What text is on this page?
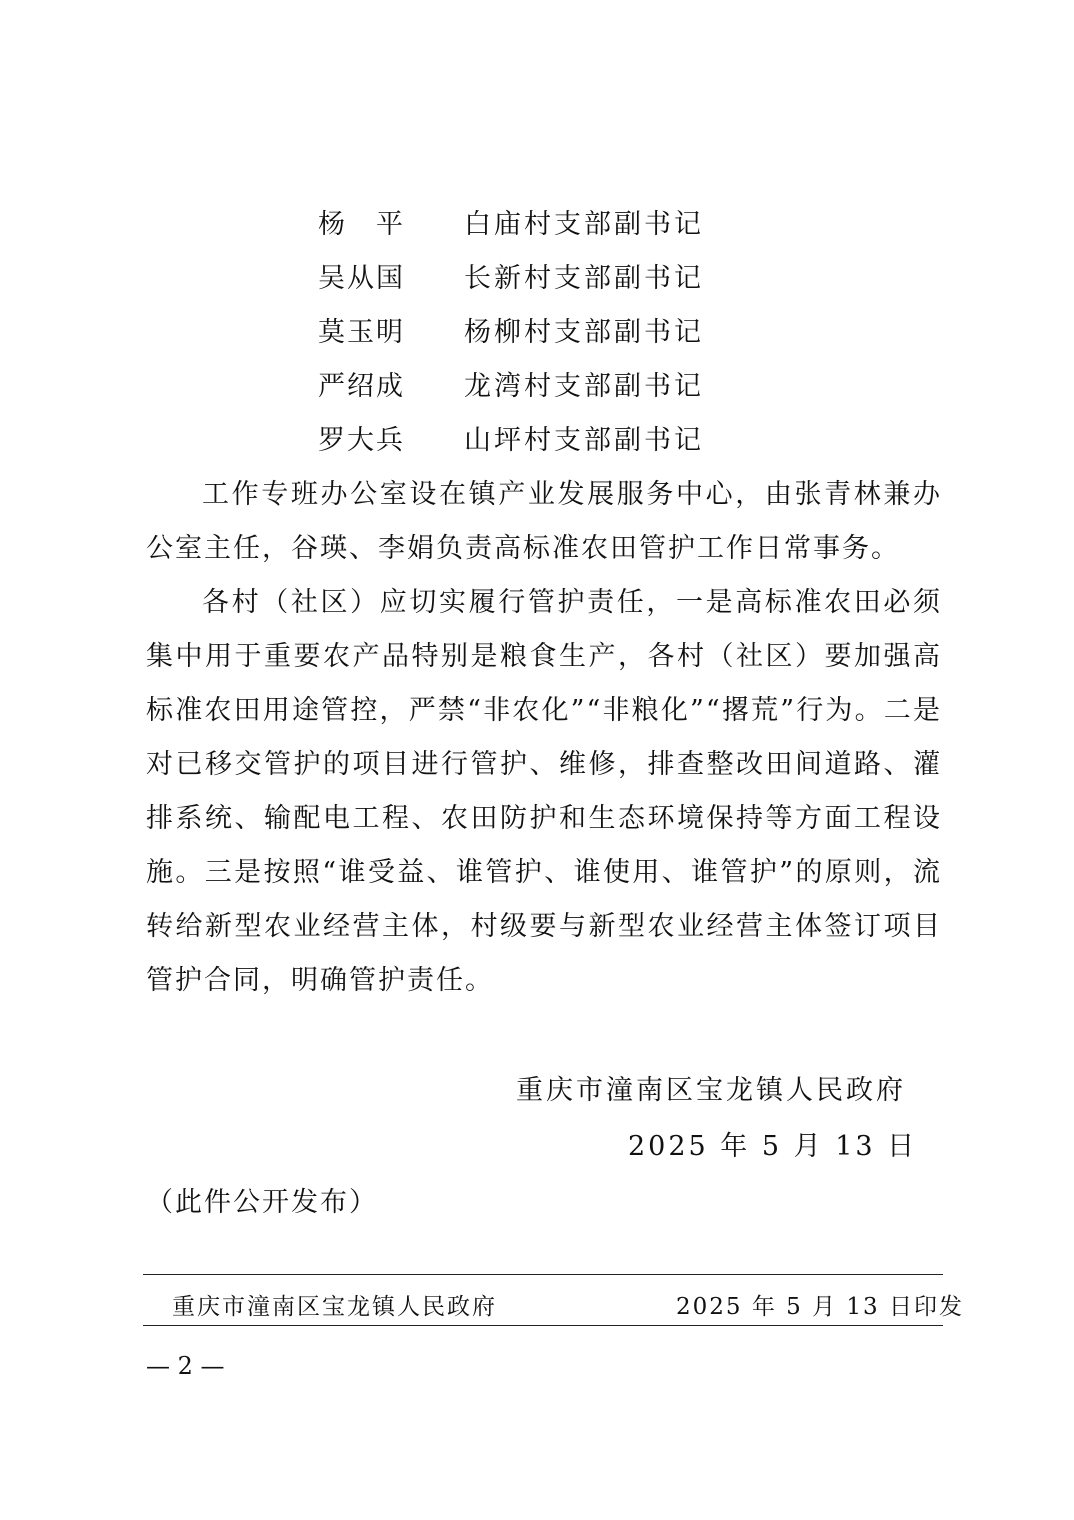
杨　平 白庙村支部副书记
吴从国 长新村支部副书记
莫玉明 杨柳村支部副书记
严绍成 龙湾村支部副书记
罗大兵 山坪村支部副书记

工作专班办公室设在镇产业发展服务中心，由张青林兼办公室主任，谷瑛、李娟负责高标准农田管护工作日常事务。

各村（社区）应切实履行管护责任，一是高标准农田必须集中用于重要农产品特别是粮食生产，各村（社区）要加强高标准农田用途管控，严禁“非农化”“非粮化”“撂荒”行为。二是对已移交管护的项目进行管护、维修，排查整改田间道路、灌排系统、输配电工程、农田防护和生态环境保持等方面工程设施。三是按照“谁受益、谁管护、谁使用、谁管护”的原则，流转给新型农业经营主体，村级要与新型农业经营主体签订项目管护合同，明确管护责任。

重庆市潼南区宝龙镇人民政府
2025 年 5 月 13 日
（此件公开发布）
重庆市潼南区宝龙镇人民政府	2025 年 5 月 13 日印发
— 2 —
